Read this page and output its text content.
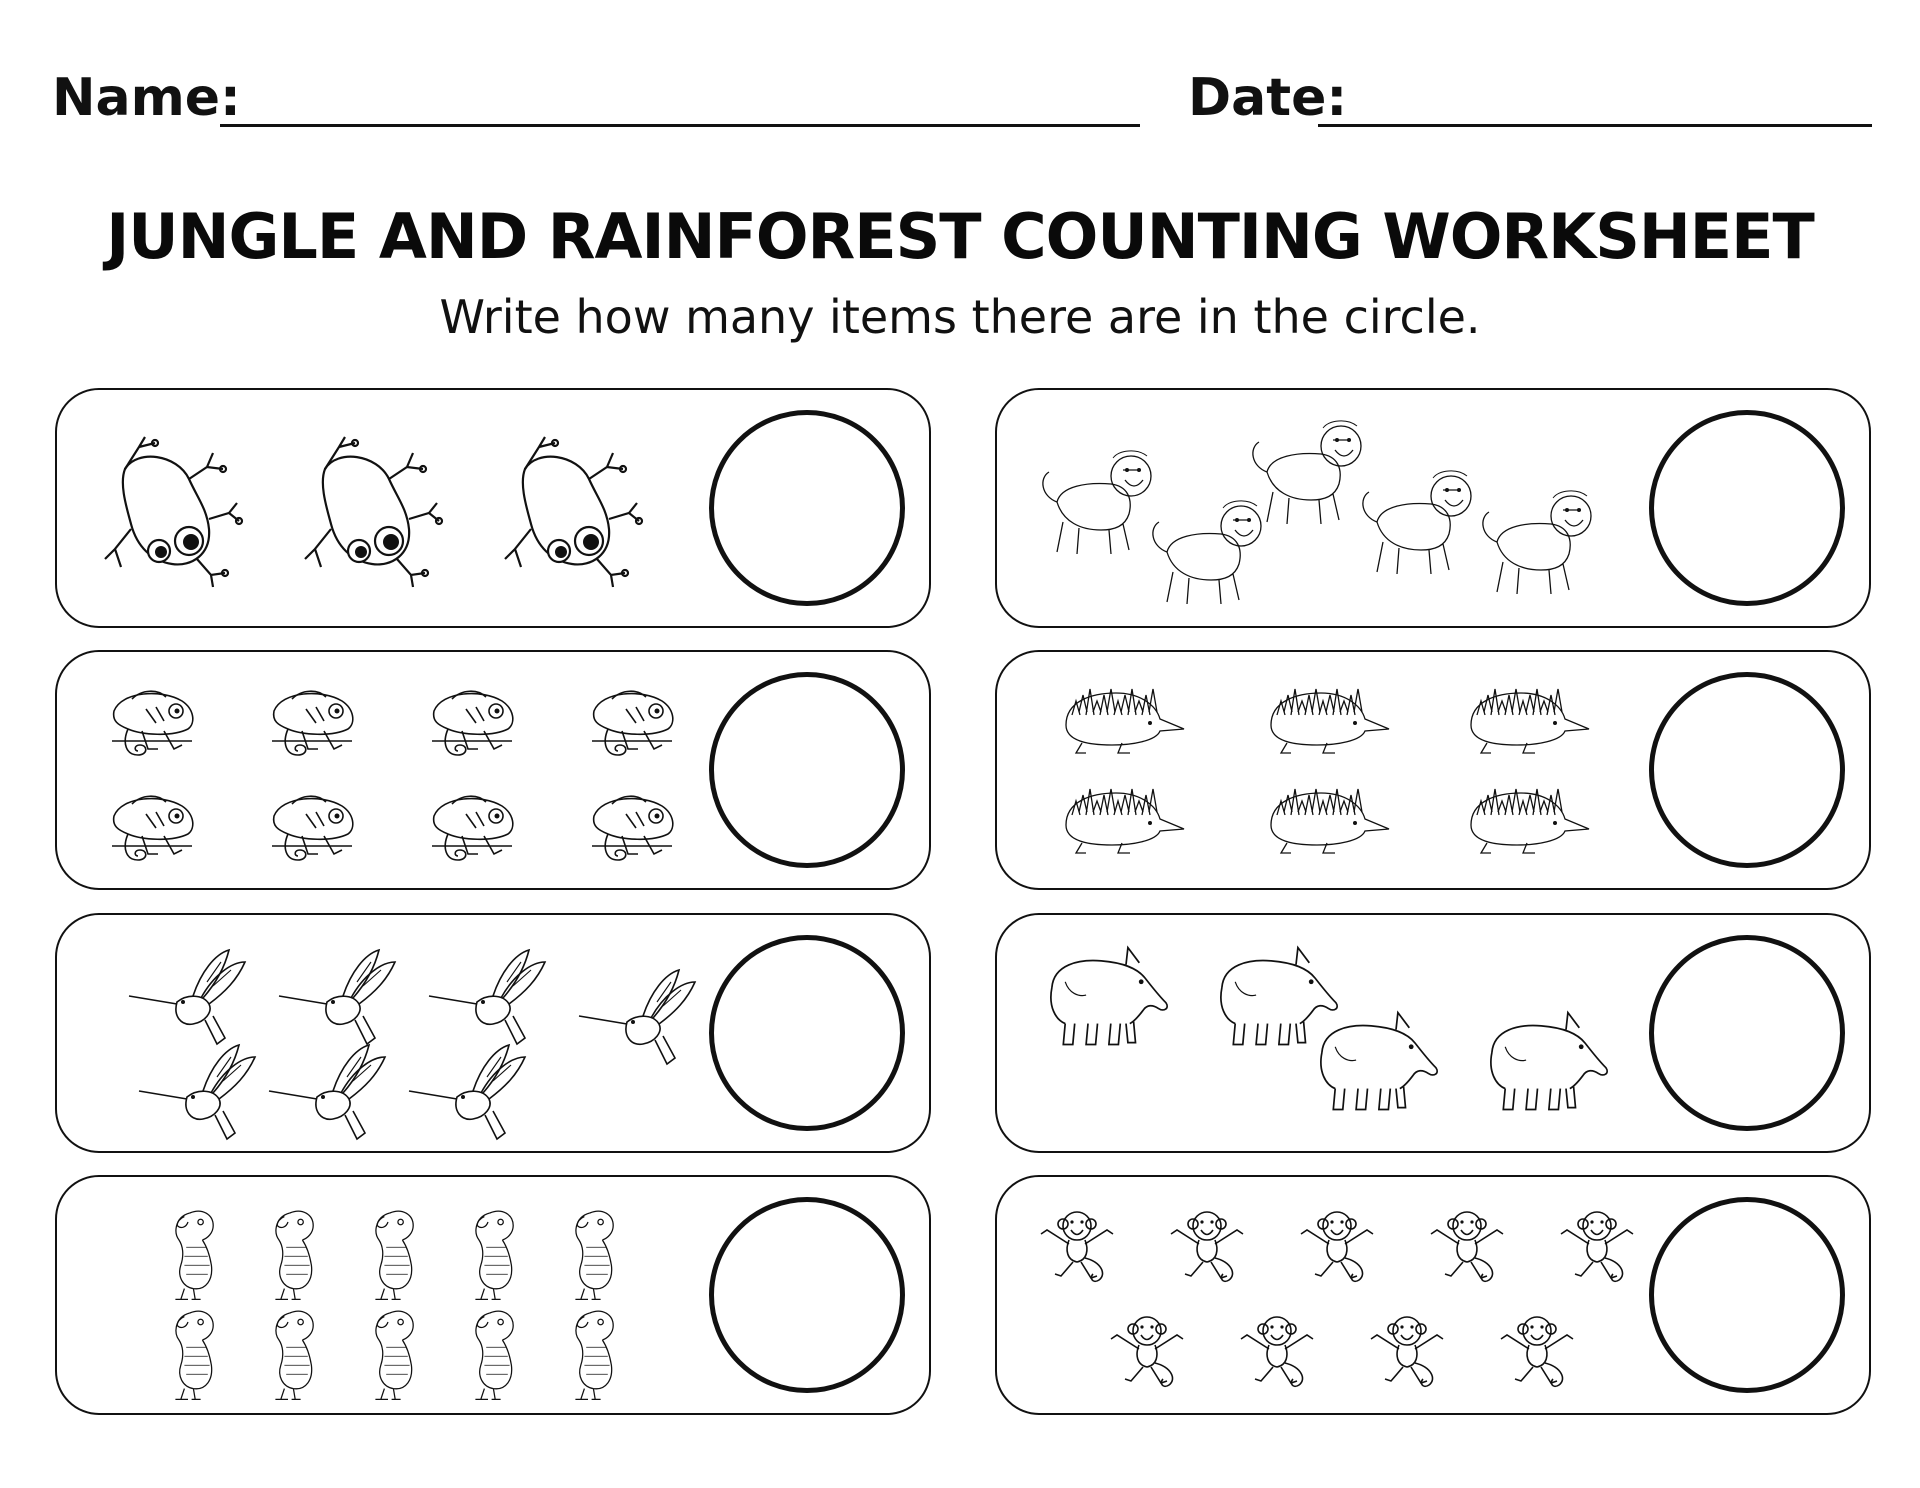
Name:	Date:
JUNGLE AND RAINFOREST COUNTING WORKSHEET
Write how many items there are in the circle.
